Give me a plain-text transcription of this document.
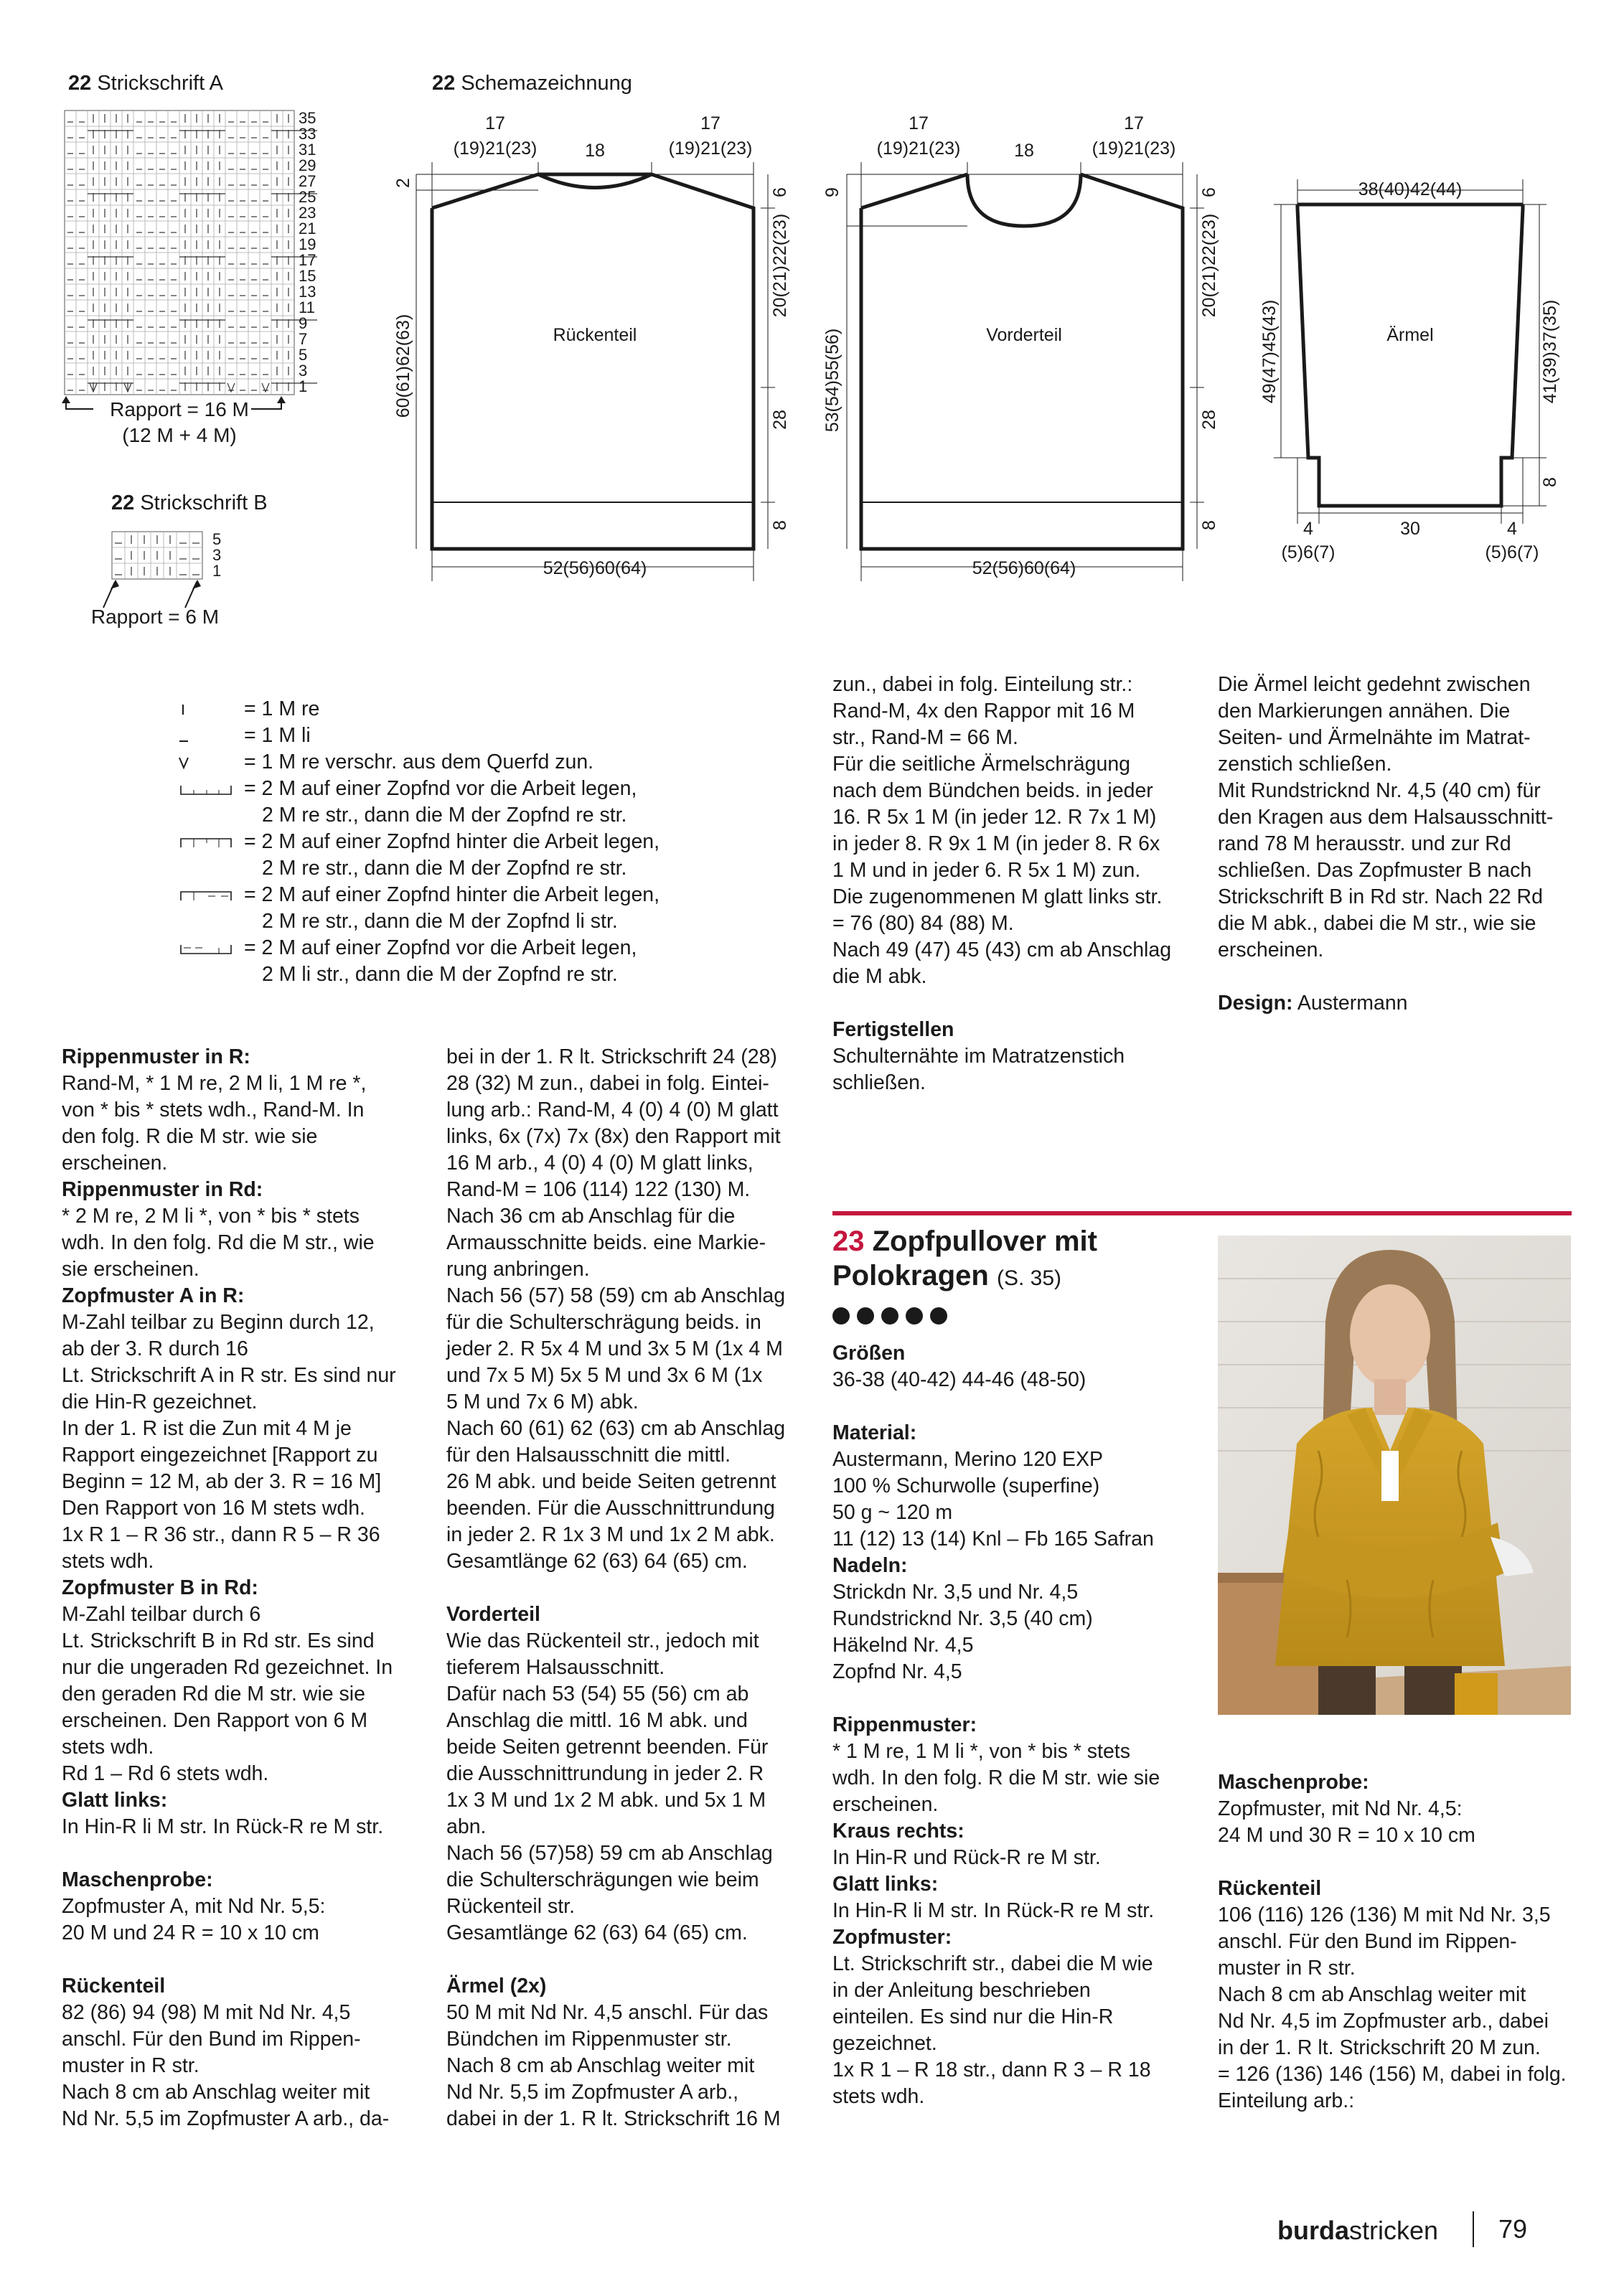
22 Strickschrift A
35
33
31
29
27
25
23
21
19
17
15
13
11
9
7
5
3
1
Rapport = 16 M
(12 M + 4 M)
22 Strickschrift B
5
3
1
Rapport = 6 M
22 Schemazeichnung
17
(19)21(23)	18
17
(19)21(23)
2
60(61)62(63)
6
20(21)22(23)
28
8
52(56)60(64)
Rückenteil
17
(19)21(23)	18
17
(19)21(23)
9
53(54)55(56)
6
20(21)22(23)
28
8
52(56)60(64)
Vorderteil
38(40)42(44)
49(47)45(43)	41(39)37(35)
8
4
(5)6(7)
30	4
(5)6(7)
Ärmel
= 1 M re
= 1 M li
= 1 M re verschr. aus dem Querfd zun.
= 2 M auf einer Zopfnd vor die Arbeit legen,
2 M re str., dann die M der Zopfnd re str.
= 2 M auf einer Zopfnd hinter die Arbeit legen,
2 M re str., dann die M der Zopfnd re str.
= 2 M auf einer Zopfnd hinter die Arbeit legen,
2 M re str., dann die M der Zopfnd li str.
= 2 M auf einer Zopfnd vor die Arbeit legen,
2 M li str., dann die M der Zopfnd re str.

Rippenmuster in R:

Rand-M, * 1 M re, 2 M li, 1 M re *,

von * bis * stets wdh., Rand-M. In

den folg. R die M str. wie sie

erscheinen.

Rippenmuster in Rd:

* 2 M re, 2 M li *, von * bis * stets

wdh. In den folg. Rd die M str., wie

sie erscheinen.

Zopfmuster A in R:

M-Zahl teilbar zu Beginn durch 12,

ab der 3. R durch 16

Lt. Strickschrift A in R str. Es sind nur

die Hin-R gezeichnet.

In der 1. R ist die Zun mit 4 M je

Rapport eingezeichnet [Rapport zu

Beginn = 12 M, ab der 3. R = 16 M]

Den Rapport von 16 M stets wdh.

1x R 1 – R 36 str., dann R 5 – R 36

stets wdh.

Zopfmuster B in Rd:

M-Zahl teilbar durch 6

Lt. Strickschrift B in Rd str. Es sind

nur die ungeraden Rd gezeichnet. In

den geraden Rd die M str. wie sie

erscheinen. Den Rapport von 6 M

stets wdh.

Rd 1 – Rd 6 stets wdh.

Glatt links:

In Hin-R li M str. In Rück-R re M str.

Maschenprobe:

Zopfmuster A, mit Nd Nr. 5,5:

20 M und 24 R = 10 x 10 cm

Rückenteil

82 (86) 94 (98) M mit Nd Nr. 4,5

anschl. Für den Bund im Rippen-

muster in R str.

Nach 8 cm ab Anschlag weiter mit

Nd Nr. 5,5 im Zopfmuster A arb., da-

bei in der 1. R lt. Strickschrift 24 (28)

28 (32) M zun., dabei in folg. Eintei-

lung arb.: Rand-M, 4 (0) 4 (0) M glatt

links, 6x (7x) 7x (8x) den Rapport mit

16 M arb., 4 (0) 4 (0) M glatt links,

Rand-M = 106 (114) 122 (130) M.

Nach 36 cm ab Anschlag für die

Armausschnitte beids. eine Markie-

rung anbringen.

Nach 56 (57) 58 (59) cm ab Anschlag

für die Schulterschrägung beids. in

jeder 2. R 5x 4 M und 3x 5 M (1x 4 M

und 7x 5 M) 5x 5 M und 3x 6 M (1x

5 M und 7x 6 M) abk.

Nach 60 (61) 62 (63) cm ab Anschlag

für den Halsausschnitt die mittl.

26 M abk. und beide Seiten getrennt

beenden. Für die Ausschnittrundung

in jeder 2. R 1x 3 M und 1x 2 M abk.

Gesamtlänge 62 (63) 64 (65) cm.

Vorderteil

Wie das Rückenteil str., jedoch mit

tieferem Halsausschnitt.

Dafür nach 53 (54) 55 (56) cm ab

Anschlag die mittl. 16 M abk. und

beide Seiten getrennt beenden. Für

die Ausschnittrundung in jeder 2. R

1x 3 M und 1x 2 M abk. und 5x 1 M

abn.

Nach 56 (57)58) 59 cm ab Anschlag

die Schulterschrägungen wie beim

Rückenteil str.

Gesamtlänge 62 (63) 64 (65) cm.

Ärmel (2x)

50 M mit Nd Nr. 4,5 anschl. Für das

Bündchen im Rippenmuster str.

Nach 8 cm ab Anschlag weiter mit

Nd Nr. 5,5 im Zopfmuster A arb.,

dabei in der 1. R lt. Strickschrift 16 M

zun., dabei in folg. Einteilung str.:

Rand-M, 4x den Rappor mit 16 M

str., Rand-M = 66 M.

Für die seitliche Ärmelschrägung

nach dem Bündchen beids. in jeder

16. R 5x 1 M (in jeder 12. R 7x 1 M)

in jeder 8. R 9x 1 M (in jeder 8. R 6x

1 M und in jeder 6. R 5x 1 M) zun.

Die zugenommenen M glatt links str.

= 76 (80) 84 (88) M.

Nach 49 (47) 45 (43) cm ab Anschlag

die M abk.

Fertigstellen

Schulternähte im Matratzenstich

schließen.

Die Ärmel leicht gedehnt zwischen

den Markierungen annähen. Die

Seiten- und Ärmelnähte im Matrat-

zenstich schließen.

Mit Rundstricknd Nr. 4,5 (40 cm) für

den Kragen aus dem Halsausschnitt-

rand 78 M herausstr. und zur Rd

schließen. Das Zopfmuster B nach

Strickschrift B in Rd str. Nach 22 Rd

die M abk., dabei die M str., wie sie

erscheinen.

Design: Austermann

23 Zopfpullover mit
Polokragen (S. 35)

Größen

36-38 (40-42) 44-46 (48-50)

Material:

Austermann, Merino 120 EXP

100 % Schurwolle (superfine)

50 g ~ 120 m

11 (12) 13 (14) Knl – Fb 165 Safran

Nadeln:

Strickdn Nr. 3,5 und Nr. 4,5

Rundstricknd Nr. 3,5 (40 cm)

Häkelnd Nr. 4,5

Zopfnd Nr. 4,5

Rippenmuster:

* 1 M re, 1 M li *, von * bis * stets

wdh. In den folg. R die M str. wie sie

erscheinen.

Kraus rechts:

In Hin-R und Rück-R re M str.

Glatt links:

In Hin-R li M str. In Rück-R re M str.

Zopfmuster:

Lt. Strickschrift str., dabei die M wie

in der Anleitung beschrieben

einteilen. Es sind nur die Hin-R

gezeichnet.

1x R 1 – R 18 str., dann R 3 – R 18

stets wdh.

Maschenprobe:

Zopfmuster, mit Nd Nr. 4,5:

24 M und 30 R = 10 x 10 cm

Rückenteil

106 (116) 126 (136) M mit Nd Nr. 3,5

anschl. Für den Bund im Rippen-

muster in R str.

Nach 8 cm ab Anschlag weiter mit

Nd Nr. 4,5 im Zopfmuster arb., dabei

in der 1. R lt. Strickschrift 20 M zun.

= 126 (136) 146 (156) M, dabei in folg.

Einteilung arb.:

burdastricken 79
